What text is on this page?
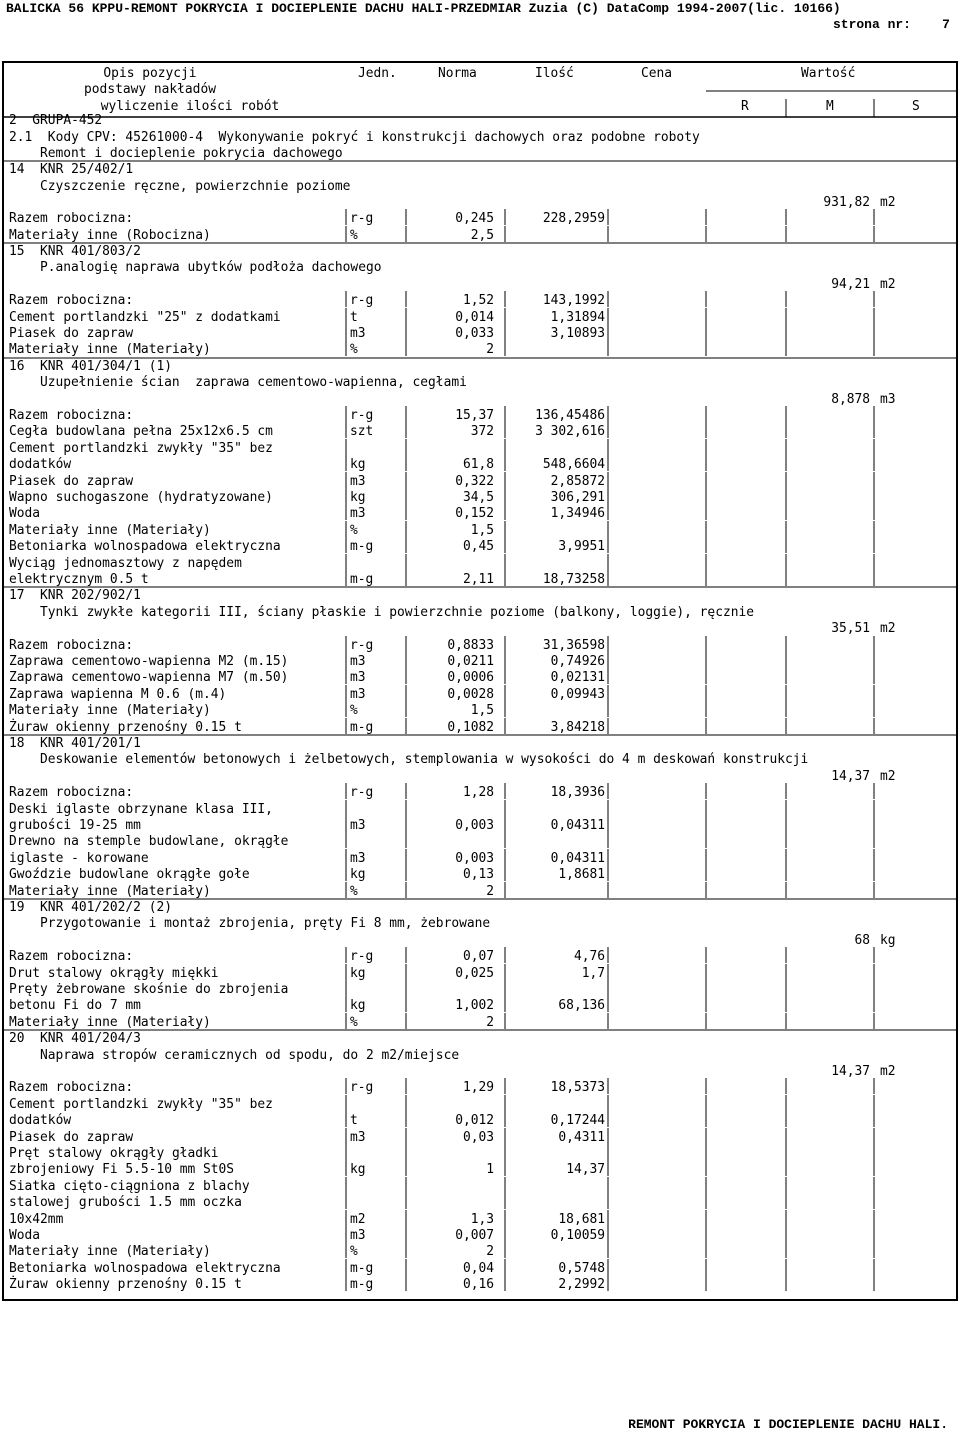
BALICKA 56 KPPU-REMONT POKRYCIA I DOCIEPLENIE DACHU HALI-PRZEDMIAR Zuzia (C) DataComp 1994-2007(lic. 10166)
strona nr:    7
Opis pozycji
podstawy nakładów
wyliczenie ilości robót
Jedn.	Norma	Ilość	Cena	Wartość
R	M	S
2  GRUPA-452
2.1  Kody CPV: 45261000-4  Wykonywanie pokryć i konstrukcji dachowych oraz podobne roboty
Remont i docieplenie pokrycia dachowego
14  KNR 25/402/1
Czyszczenie ręczne, powierzchnie poziome
931,82 m2
Razem robocizna:	r-g	0,245	228,2959
Materiały inne (Robocizna)	%	2,5
15  KNR 401/803/2
P.analogię naprawa ubytków podłoża dachowego
94,21 m2
Razem robocizna:	r-g	1,52	143,1992
Cement portlandzki "25" z dodatkami	t	0,014	1,31894
Piasek do zapraw	m3	0,033	3,10893
Materiały inne (Materiały)	%	2
16  KNR 401/304/1 (1)
Uzupełnienie ścian  zaprawa cementowo-wapienna, cegłami
8,878 m3
Razem robocizna:	r-g	15,37	136,45486
Cegła budowlana pełna 25x12x6.5 cm	szt	372	3 302,616
Cement portlandzki zwykły "35" bez
dodatków	kg	61,8	548,6604
Piasek do zapraw	m3	0,322	2,85872
Wapno suchogaszone (hydratyzowane)	kg	34,5	306,291
Woda	m3	0,152	1,34946
Materiały inne (Materiały)	%	1,5
Betoniarka wolnospadowa elektryczna	m-g	0,45	3,9951
Wyciąg jednomasztowy z napędem
elektrycznym 0.5 t	m-g	2,11	18,73258
17  KNR 202/902/1
Tynki zwykłe kategorii III, ściany płaskie i powierzchnie poziome (balkony, loggie), ręcznie
35,51 m2
Razem robocizna:	r-g	0,8833	31,36598
Zaprawa cementowo-wapienna M2 (m.15)	m3	0,0211	0,74926
Zaprawa cementowo-wapienna M7 (m.50)	m3	0,0006	0,02131
Zaprawa wapienna M 0.6 (m.4)	m3	0,0028	0,09943
Materiały inne (Materiały)	%	1,5
Żuraw okienny przenośny 0.15 t	m-g	0,1082	3,84218
18  KNR 401/201/1
Deskowanie elementów betonowych i żelbetowych, stemplowania w wysokości do 4 m deskowań konstrukcji
14,37 m2
Razem robocizna:	r-g	1,28	18,3936
Deski iglaste obrzynane klasa III,
grubości 19-25 mm	m3	0,003	0,04311
Drewno na stemple budowlane, okrągłe
iglaste - korowane	m3	0,003	0,04311
Gwoździe budowlane okrągłe gołe	kg	0,13	1,8681
Materiały inne (Materiały)	%	2
19  KNR 401/202/2 (2)
Przygotowanie i montaż zbrojenia, pręty Fi 8 mm, żebrowane
68 kg
Razem robocizna:	r-g	0,07	4,76
Drut stalowy okrągły miękki	kg	0,025	1,7
Pręty żebrowane skośnie do zbrojenia
betonu Fi do 7 mm	kg	1,002	68,136
Materiały inne (Materiały)	%	2
20  KNR 401/204/3
Naprawa stropów ceramicznych od spodu, do 2 m2/miejsce
14,37 m2
Razem robocizna:	r-g	1,29	18,5373
Cement portlandzki zwykły "35" bez
dodatków	t	0,012	0,17244
Piasek do zapraw	m3	0,03	0,4311
Pręt stalowy okrągły gładki
zbrojeniowy Fi 5.5-10 mm St0S	kg	1	14,37
Siatka cięto-ciągniona z blachy
stalowej grubości 1.5 mm oczka
10x42mm	m2	1,3	18,681
Woda	m3	0,007	0,10059
Materiały inne (Materiały)	%	2
Betoniarka wolnospadowa elektryczna	m-g	0,04	0,5748
Żuraw okienny przenośny 0.15 t	m-g	0,16	2,2992
REMONT POKRYCIA I DOCIEPLENIE DACHU HALI.
